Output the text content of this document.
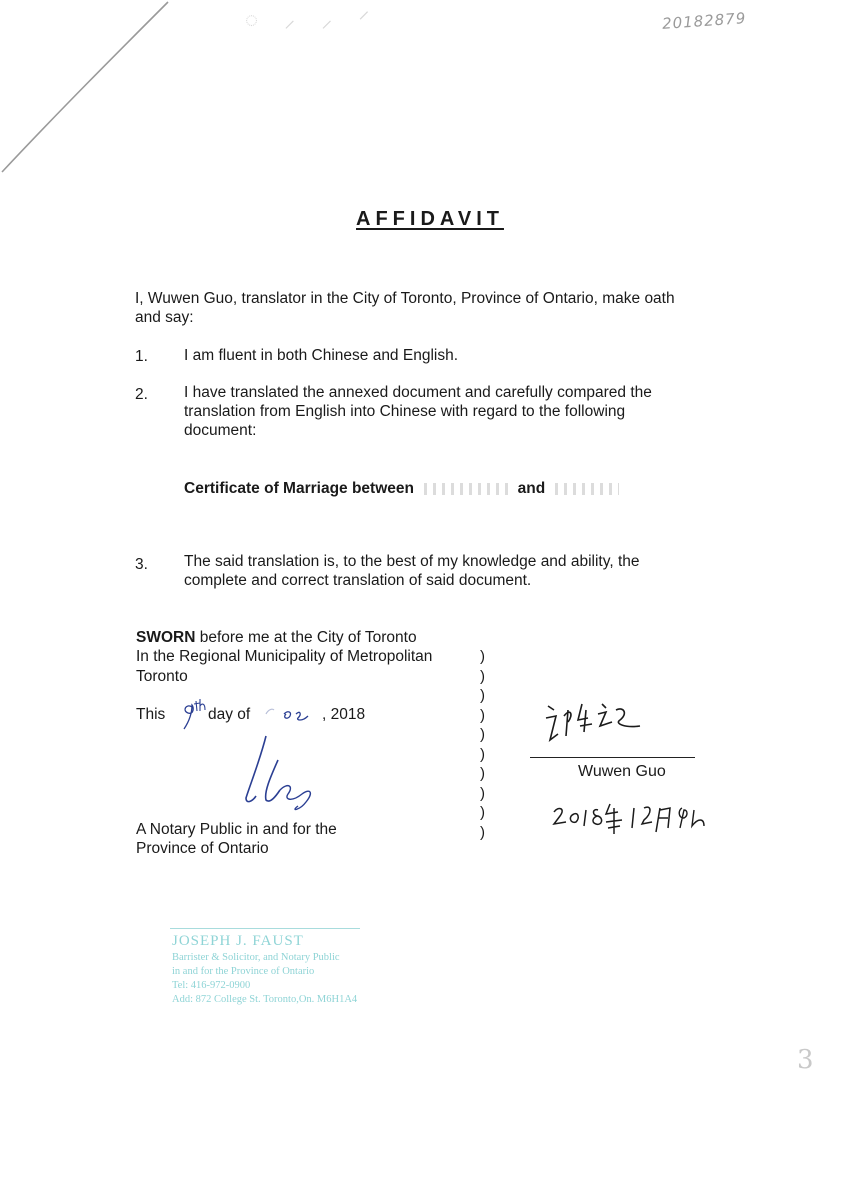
◌ ⸝ ⸝ ⸍	20182879
AFFIDAVIT
I, Wuwen Guo, translator in the City of Toronto, Province of Ontario, make oath
and say:
1. I am fluent in both Chinese and English.
2. I have translated the annexed document and carefully compared the
translation from English into Chinese with regard to the following
document:
Certificate of Marriage between	and
3. The said translation is, to the best of my knowledge and ability, the
complete and correct translation of said document.
SWORN before me at the City of Toronto
In the Regional Municipality of Metropolitan
Toronto
This	day of	, 2018
A Notary Public in and for the
Province of Ontario
)
)
)
)
)
)
)
)
)
)
Wuwen Guo
JOSEPH J. FAUST
Barrister & Solicitor, and Notary Public
in and for the Province of Ontario
Tel: 416-972-0900
Add: 872 College St. Toronto,On. M6H1A4
3
